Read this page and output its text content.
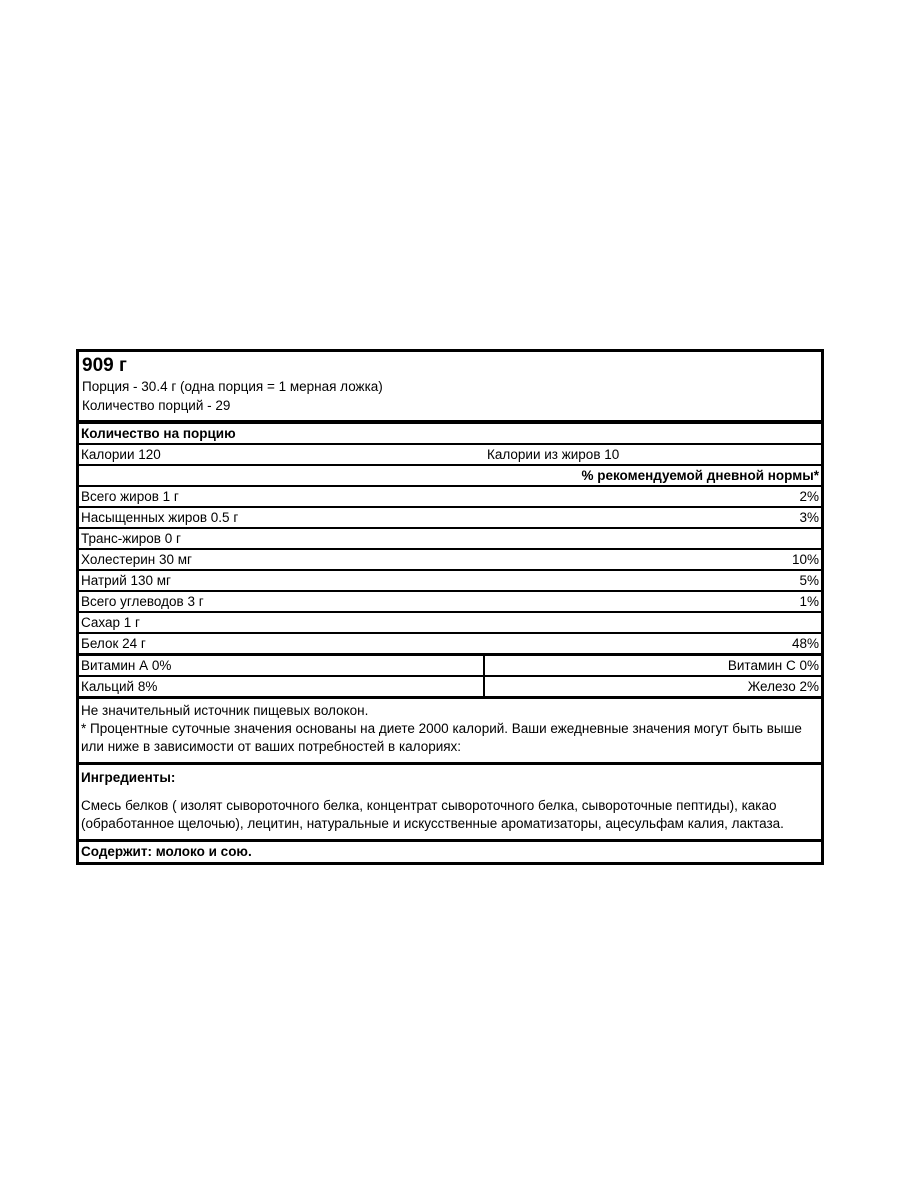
909 г
Порция - 30.4 г (одна порция = 1 мерная ложка)
Количество порций - 29
Количество на порцию
Калории 120	Калории из жиров 10
% рекомендуемой дневной нормы*
Всего жиров 1 г	2%
Насыщенных жиров 0.5 г	3%
Транс-жиров 0 г
Холестерин 30 мг	10%
Натрий 130 мг	5%
Всего углеводов 3 г	1%
Сахар 1 г
Белок 24 г	48%
Витамин А 0%	Витамин С 0%
Кальций 8%	Железо 2%
Не значительный источник пищевых волокон.
* Процентные суточные значения основаны на диете 2000 калорий. Ваши ежедневные значения могут быть выше или ниже в зависимости от ваших потребностей в калориях:
Ингредиенты:
Смесь белков ( изолят сывороточного белка, концентрат сывороточного белка, сывороточные пептиды), какао (обработанное щелочью), лецитин, натуральные и искусственные ароматизаторы, ацесульфам калия, лактаза.
Содержит: молоко и сою.
